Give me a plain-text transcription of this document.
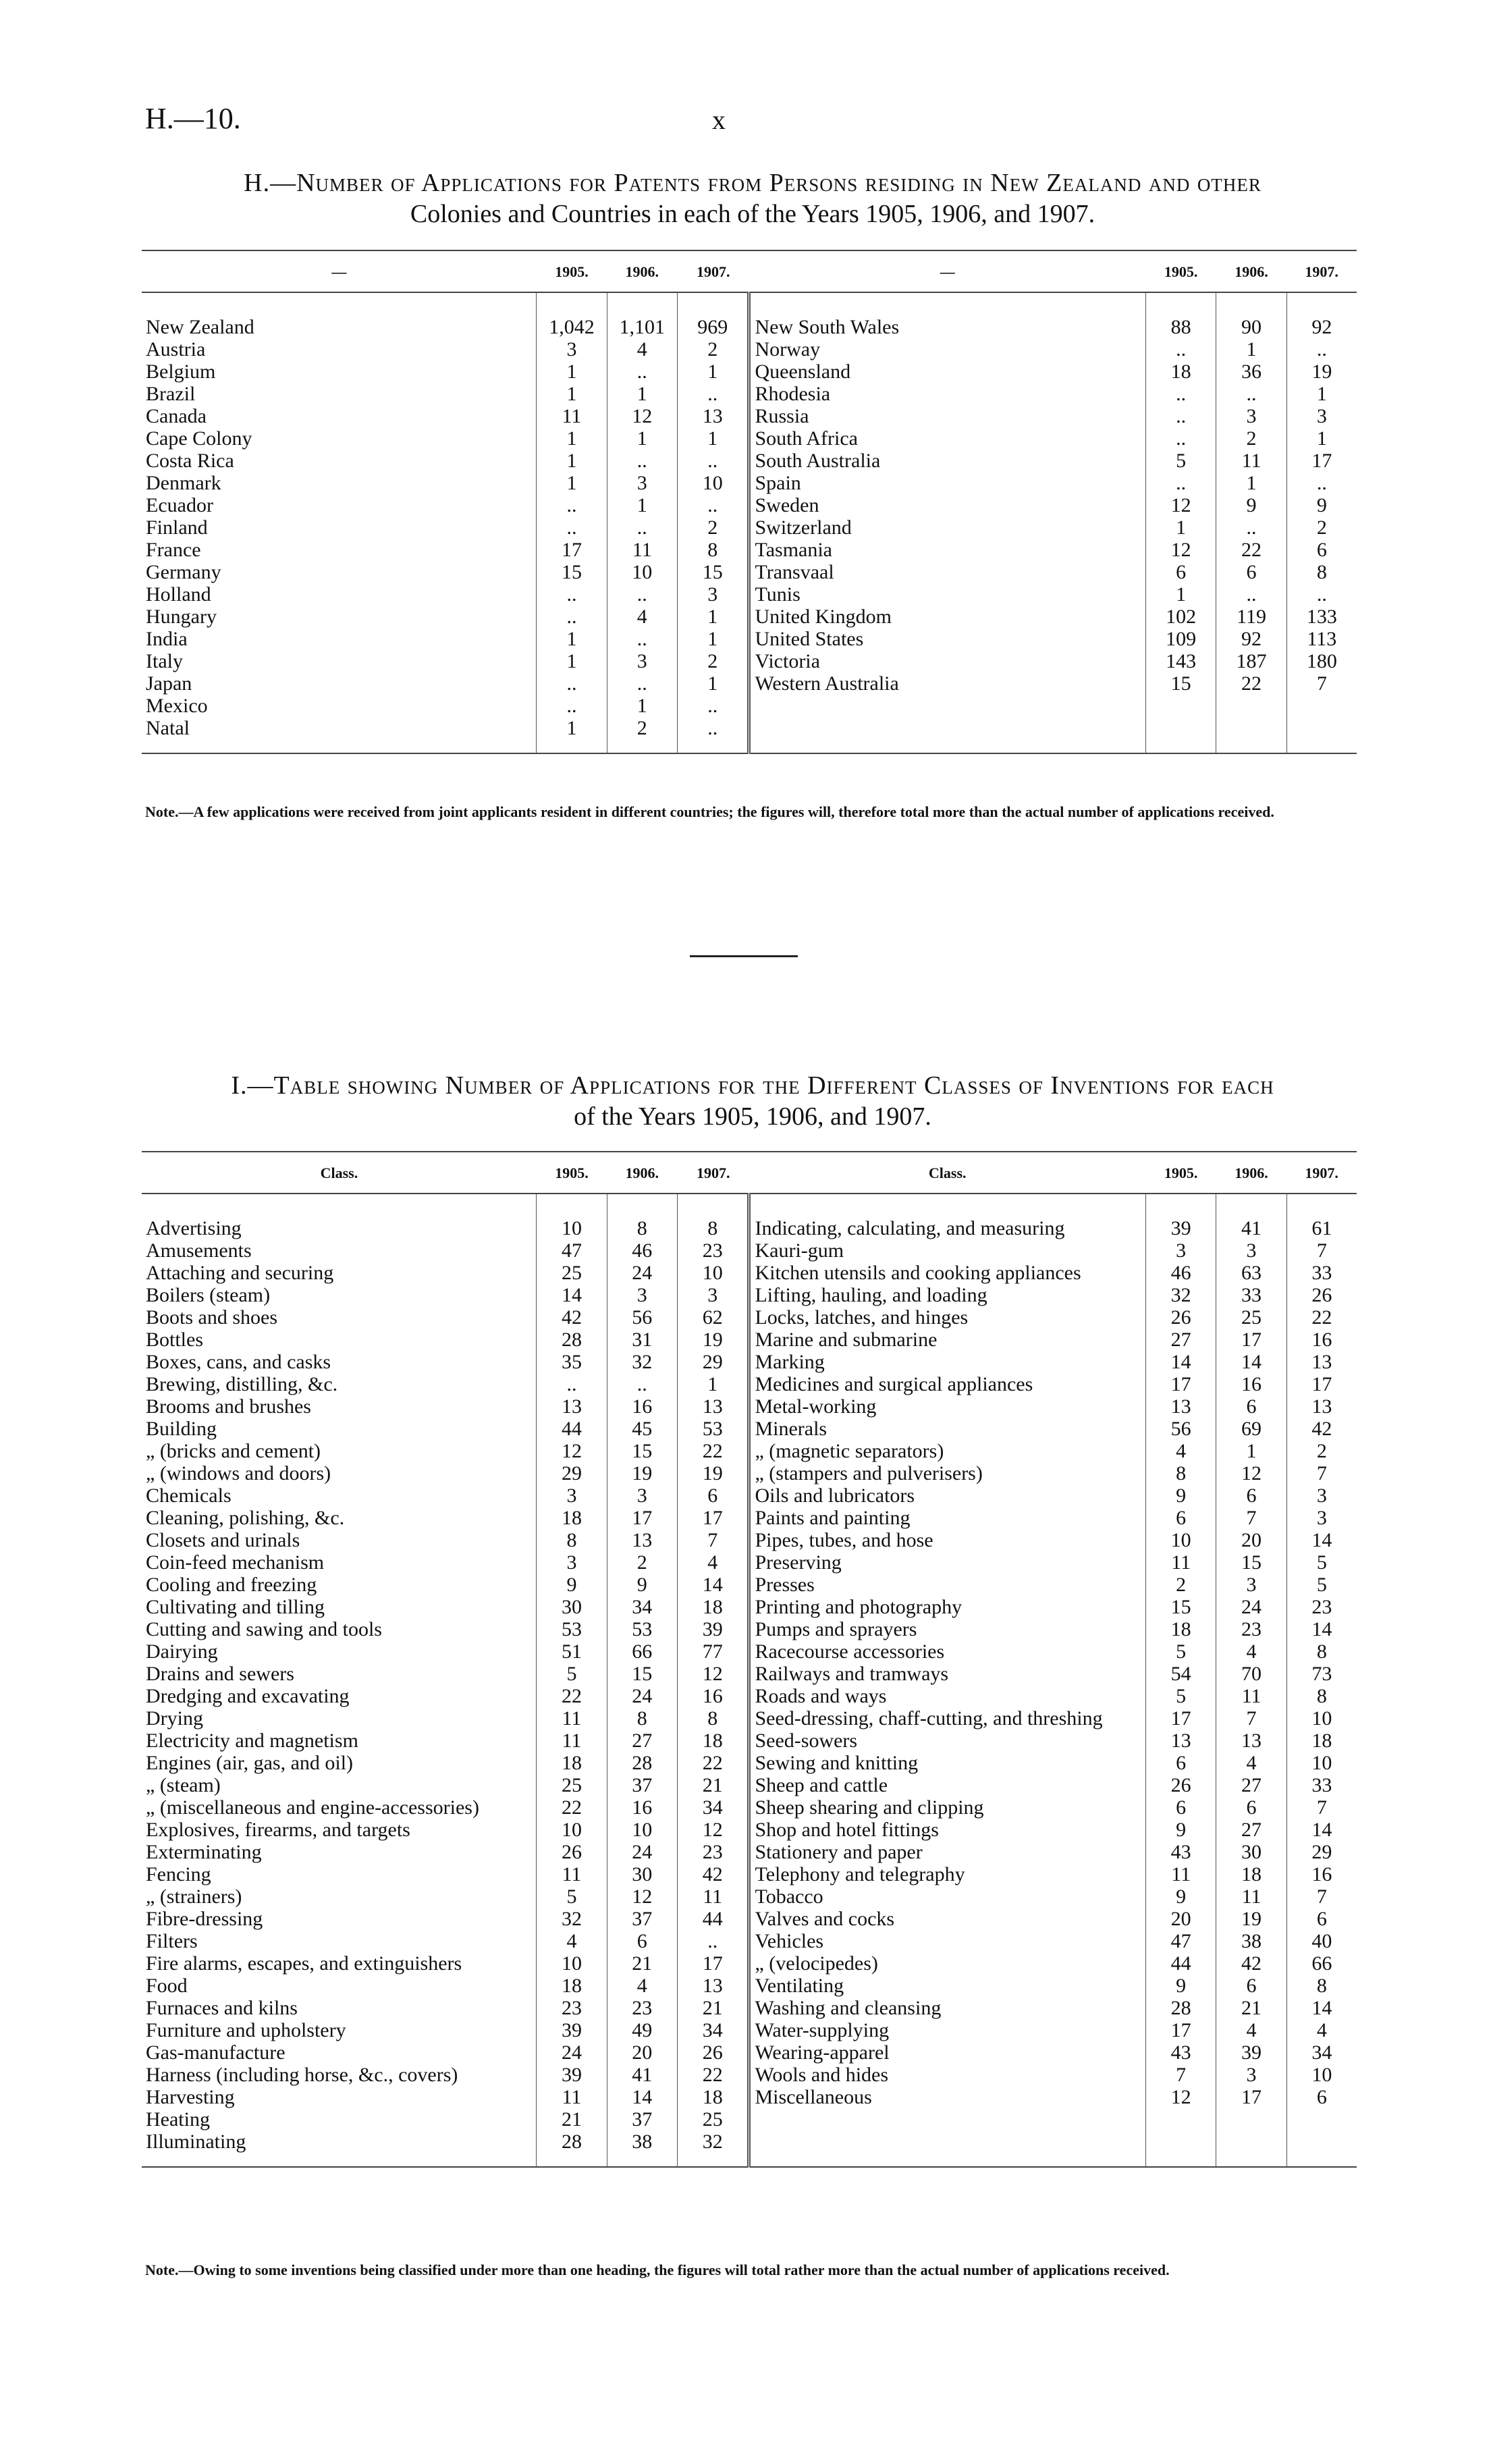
H.—10.	x
H.—Number of Applications for Patents from Persons residing in New Zealand and other
Colonies and Countries in each of the Years 1905, 1906, and 1907.
—	1905.	1906.	1907.	—	1905.	1906.	1907.
New Zealand	1,042	1,101	969	New South Wales	88	90	92
Austria	3	4	2	Norway	..	1	..
Belgium	1	..	1	Queensland	18	36	19
Brazil	1	1	..	Rhodesia	..	..	1
Canada	11	12	13	Russia	..	3	3
Cape Colony	1	1	1	South Africa	..	2	1
Costa Rica	1	..	..	South Australia	5	11	17
Denmark	1	3	10	Spain	..	1	..
Ecuador	..	1	..	Sweden	12	9	9
Finland	..	..	2	Switzerland	1	..	2
France	17	11	8	Tasmania	12	22	6
Germany	15	10	15	Transvaal	6	6	8
Holland	..	..	3	Tunis	1	..	..
Hungary	..	4	1	United Kingdom	102	119	133
India	1	..	1	United States	109	92	113
Italy	1	3	2	Victoria	143	187	180
Japan	..	..	1	Western Australia	15	22	7
Mexico	..	1	..				
Natal	1	2	..				
Note.—A few applications were received from joint applicants resident in different countries; the figures will, therefore total more than the actual number of applications received.
I.—Table showing Number of Applications for the Different Classes of Inventions for each
of the Years 1905, 1906, and 1907.
Class.	1905.	1906.	1907.	Class.	1905.	1906.	1907.
Advertising	10	8	8	Indicating, calculating, and measuring	39	41	61
Amusements	47	46	23	Kauri-gum	3	3	7
Attaching and securing	25	24	10	Kitchen utensils and cooking appliances	46	63	33
Boilers (steam)	14	3	3	Lifting, hauling, and loading	32	33	26
Boots and shoes	42	56	62	Locks, latches, and hinges	26	25	22
Bottles	28	31	19	Marine and submarine	27	17	16
Boxes, cans, and casks	35	32	29	Marking	14	14	13
Brewing, distilling, &c.	..	..	1	Medicines and surgical appliances	17	16	17
Brooms and brushes	13	16	13	Metal-working	13	6	13
Building	44	45	53	Minerals	56	69	42
„ (bricks and cement)	12	15	22	„ (magnetic separators)	4	1	2
„ (windows and doors)	29	19	19	„ (stampers and pulverisers)	8	12	7
Chemicals	3	3	6	Oils and lubricators	9	6	3
Cleaning, polishing, &c.	18	17	17	Paints and painting	6	7	3
Closets and urinals	8	13	7	Pipes, tubes, and hose	10	20	14
Coin-feed mechanism	3	2	4	Preserving	11	15	5
Cooling and freezing	9	9	14	Presses	2	3	5
Cultivating and tilling	30	34	18	Printing and photography	15	24	23
Cutting and sawing and tools	53	53	39	Pumps and sprayers	18	23	14
Dairying	51	66	77	Racecourse accessories	5	4	8
Drains and sewers	5	15	12	Railways and tramways	54	70	73
Dredging and excavating	22	24	16	Roads and ways	5	11	8
Drying	11	8	8	Seed-dressing, chaff-cutting, and threshing	17	7	10
Electricity and magnetism	11	27	18	Seed-sowers	13	13	18
Engines (air, gas, and oil)	18	28	22	Sewing and knitting	6	4	10
„ (steam)	25	37	21	Sheep and cattle	26	27	33
„ (miscellaneous and engine-accessories)	22	16	34	Sheep shearing and clipping	6	6	7
Explosives, firearms, and targets	10	10	12	Shop and hotel fittings	9	27	14
Exterminating	26	24	23	Stationery and paper	43	30	29
Fencing	11	30	42	Telephony and telegraphy	11	18	16
„ (strainers)	5	12	11	Tobacco	9	11	7
Fibre-dressing	32	37	44	Valves and cocks	20	19	6
Filters	4	6	..	Vehicles	47	38	40
Fire alarms, escapes, and extinguishers	10	21	17	„ (velocipedes)	44	42	66
Food	18	4	13	Ventilating	9	6	8
Furnaces and kilns	23	23	21	Washing and cleansing	28	21	14
Furniture and upholstery	39	49	34	Water-supplying	17	4	4
Gas-manufacture	24	20	26	Wearing-apparel	43	39	34
Harness (including horse, &c., covers)	39	41	22	Wools and hides	7	3	10
Harvesting	11	14	18	Miscellaneous	12	17	6
Heating	21	37	25				
Illuminating	28	38	32				
Note.—Owing to some inventions being classified under more than one heading, the figures will total rather more than the actual number of applications received.
